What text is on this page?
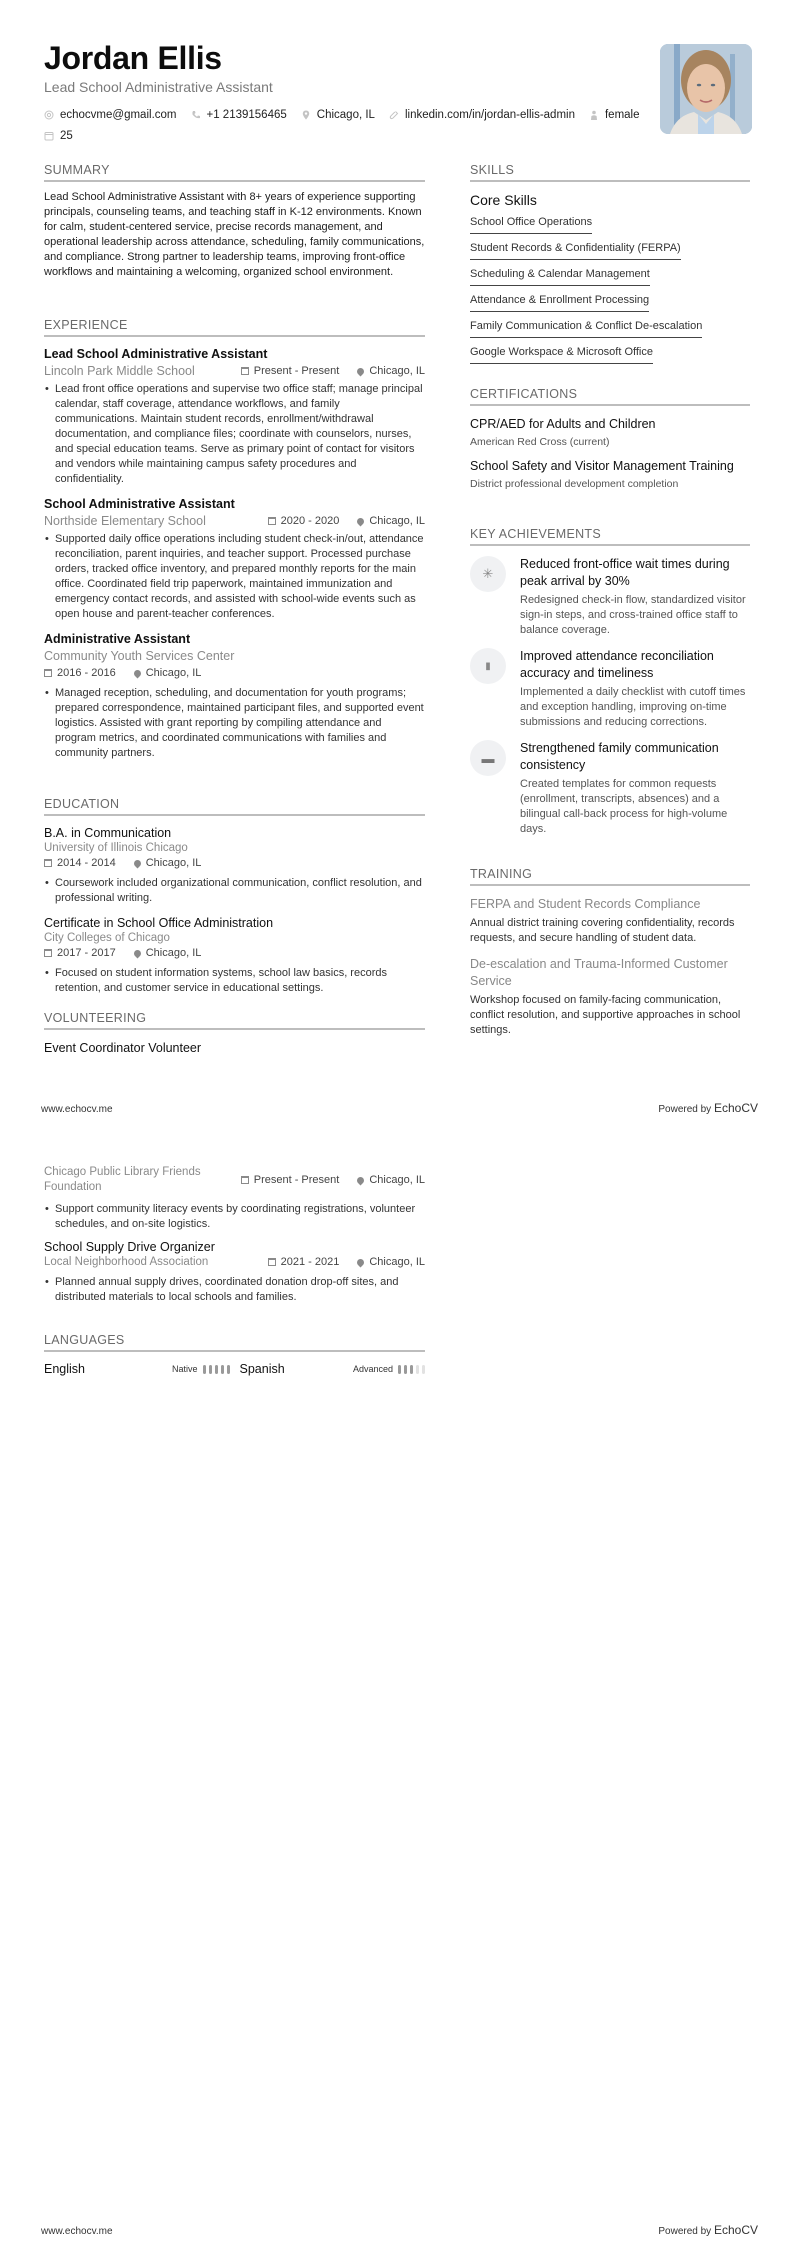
Jordan Ellis
Lead School Administrative Assistant
echocvme@gmail.com	+1 2139156465	Chicago, IL	linkedin.com/in/jordan-ellis-admin	female
25
SUMMARY

Lead School Administrative Assistant with 8+ years of experience supporting principals, counseling teams, and teaching staff in K-12 environments. Known for calm, student-centered service, precise records management, and operational leadership across attendance, scheduling, family communications, and compliance. Strong partner to leadership teams, improving front-office workflows and maintaining a welcoming, organized school environment.

EXPERIENCE
Lead School Administrative Assistant
Lincoln Park Middle School	Present - Present	Chicago, IL
• Lead front office operations and supervise two office staff; manage principal calendar, staff coverage, attendance workflows, and family communications. Maintain student records, enrollment/withdrawal documentation, and compliance files; coordinate with counselors, nurses, and special education teams. Serve as primary point of contact for visitors and vendors while maintaining campus safety procedures and confidentiality.
School Administrative Assistant
Northside Elementary School	2020 - 2020	Chicago, IL
• Supported daily office operations including student check-in/out, attendance reconciliation, parent inquiries, and teacher support. Processed purchase orders, tracked office inventory, and prepared monthly reports for the main office. Coordinated field trip paperwork, maintained immunization and emergency contact records, and assisted with school-wide events such as open house and parent-teacher conferences.
Administrative Assistant
Community Youth Services Center
2016 - 2016	Chicago, IL
• Managed reception, scheduling, and documentation for youth programs; prepared correspondence, maintained participant files, and supported event logistics. Assisted with grant reporting by compiling attendance and program metrics, and coordinated communications with families and community partners.
EDUCATION
B.A. in Communication
University of Illinois Chicago
2014 - 2014	Chicago, IL
• Coursework included organizational communication, conflict resolution, and professional writing.
Certificate in School Office Administration
City Colleges of Chicago
2017 - 2017	Chicago, IL
• Focused on student information systems, school law basics, records retention, and customer service in educational settings.
VOLUNTEERING
Event Coordinator Volunteer
SKILLS
Core Skills
School Office Operations
Student Records & Confidentiality (FERPA)
Scheduling & Calendar Management
Attendance & Enrollment Processing
Family Communication & Conflict De-escalation
Google Workspace & Microsoft Office
CERTIFICATIONS
CPR/AED for Adults and Children
American Red Cross (current)
School Safety and Visitor Management Training
District professional development completion
KEY ACHIEVEMENTS
✳
Reduced front-office wait times during peak arrival by 30%
Redesigned check-in flow, standardized visitor sign-in steps, and cross-trained office staff to balance coverage.
▮
Improved attendance reconciliation accuracy and timeliness
Implemented a daily checklist with cutoff times and exception handling, improving on-time submissions and reducing corrections.
▬
Strengthened family communication consistency
Created templates for common requests (enrollment, transcripts, absences) and a bilingual call-back process for high-volume days.
TRAINING
FERPA and Student Records Compliance
Annual district training covering confidentiality, records requests, and secure handling of student data.
De-escalation and Trauma-Informed Customer Service
Workshop focused on family-facing communication, conflict resolution, and supportive approaches in school settings.
www.echocv.me	Powered by EchoCV
Chicago Public Library Friends Foundation
Present - Present	Chicago, IL
• Support community literacy events by coordinating registrations, volunteer schedules, and on-site logistics.
School Supply Drive Organizer
Local Neighborhood Association	2021 - 2021	Chicago, IL
• Planned annual supply drives, coordinated donation drop-off sites, and distributed materials to local schools and families.
LANGUAGES
English	Native	Spanish	Advanced
www.echocv.me	Powered by EchoCV
